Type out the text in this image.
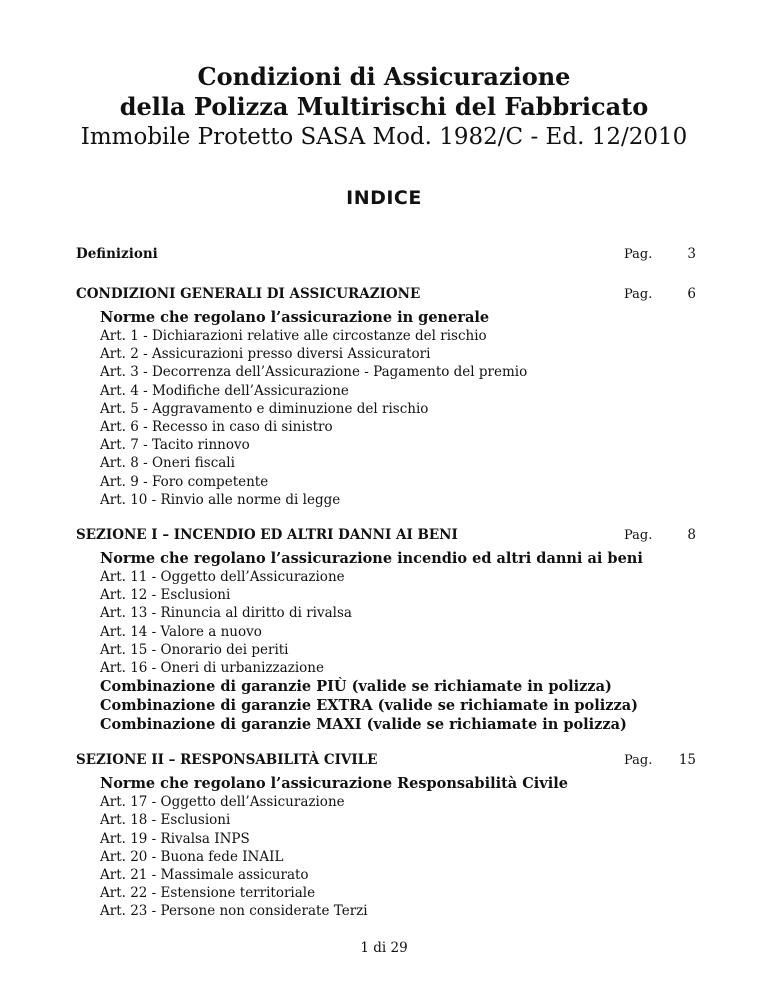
Condizioni di Assicurazione
della Polizza Multirischi del Fabbricato
Immobile Protetto SASA Mod. 1982/C - Ed. 12/2010
INDICE
Definizioni	Pag.	3
CONDIZIONI GENERALI DI ASSICURAZIONE	Pag.	6
Norme che regolano l’assicurazione in generale
Art. 1 - Dichiarazioni relative alle circostanze del rischio
Art. 2 - Assicurazioni presso diversi Assicuratori
Art. 3 - Decorrenza dell’Assicurazione - Pagamento del premio
Art. 4 - Modifiche dell’Assicurazione
Art. 5 - Aggravamento e diminuzione del rischio
Art. 6 - Recesso in caso di sinistro
Art. 7 - Tacito rinnovo
Art. 8 - Oneri fiscali
Art. 9 - Foro competente
Art. 10 - Rinvio alle norme di legge
SEZIONE I – INCENDIO ED ALTRI DANNI AI BENI	Pag.	8
Norme che regolano l’assicurazione incendio ed altri danni ai beni
Art. 11 - Oggetto dell’Assicurazione
Art. 12 - Esclusioni
Art. 13 - Rinuncia al diritto di rivalsa
Art. 14 - Valore a nuovo
Art. 15 - Onorario dei periti
Art. 16 - Oneri di urbanizzazione
Combinazione di garanzie PIÙ (valide se richiamate in polizza)
Combinazione di garanzie EXTRA (valide se richiamate in polizza)
Combinazione di garanzie MAXI (valide se richiamate in polizza)
SEZIONE II – RESPONSABILITÀ CIVILE	Pag.	15
Norme che regolano l’assicurazione Responsabilità Civile
Art. 17 - Oggetto dell’Assicurazione
Art. 18 - Esclusioni
Art. 19 - Rivalsa INPS
Art. 20 - Buona fede INAIL
Art. 21 - Massimale assicurato
Art. 22 - Estensione territoriale
Art. 23 - Persone non considerate Terzi
1 di 29
